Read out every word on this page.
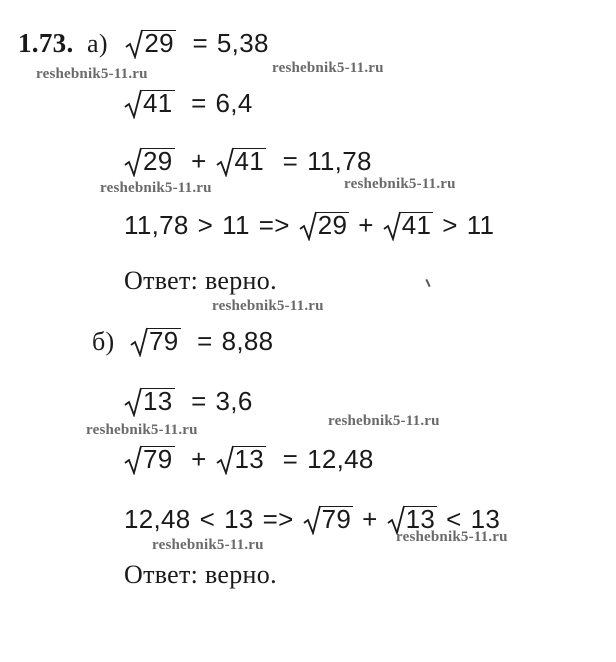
1.73. а) 29 = 5,38
41 = 6,4
29 + 41 = 11,78
11,78 > 11 => 29 + 41 > 11
Ответ: верно.
б) 79 = 8,88
13 = 3,6
79 + 13 = 12,48
12,48 < 13 => 79 + 13 < 13
Ответ: верно.
reshebnik5-11.ru	reshebnik5-11.ru
reshebnik5-11.ru	reshebnik5-11.ru
reshebnik5-11.ru
reshebnik5-11.ru
reshebnik5-11.ru
reshebnik5-11.ru	reshebnik5-11.ru
